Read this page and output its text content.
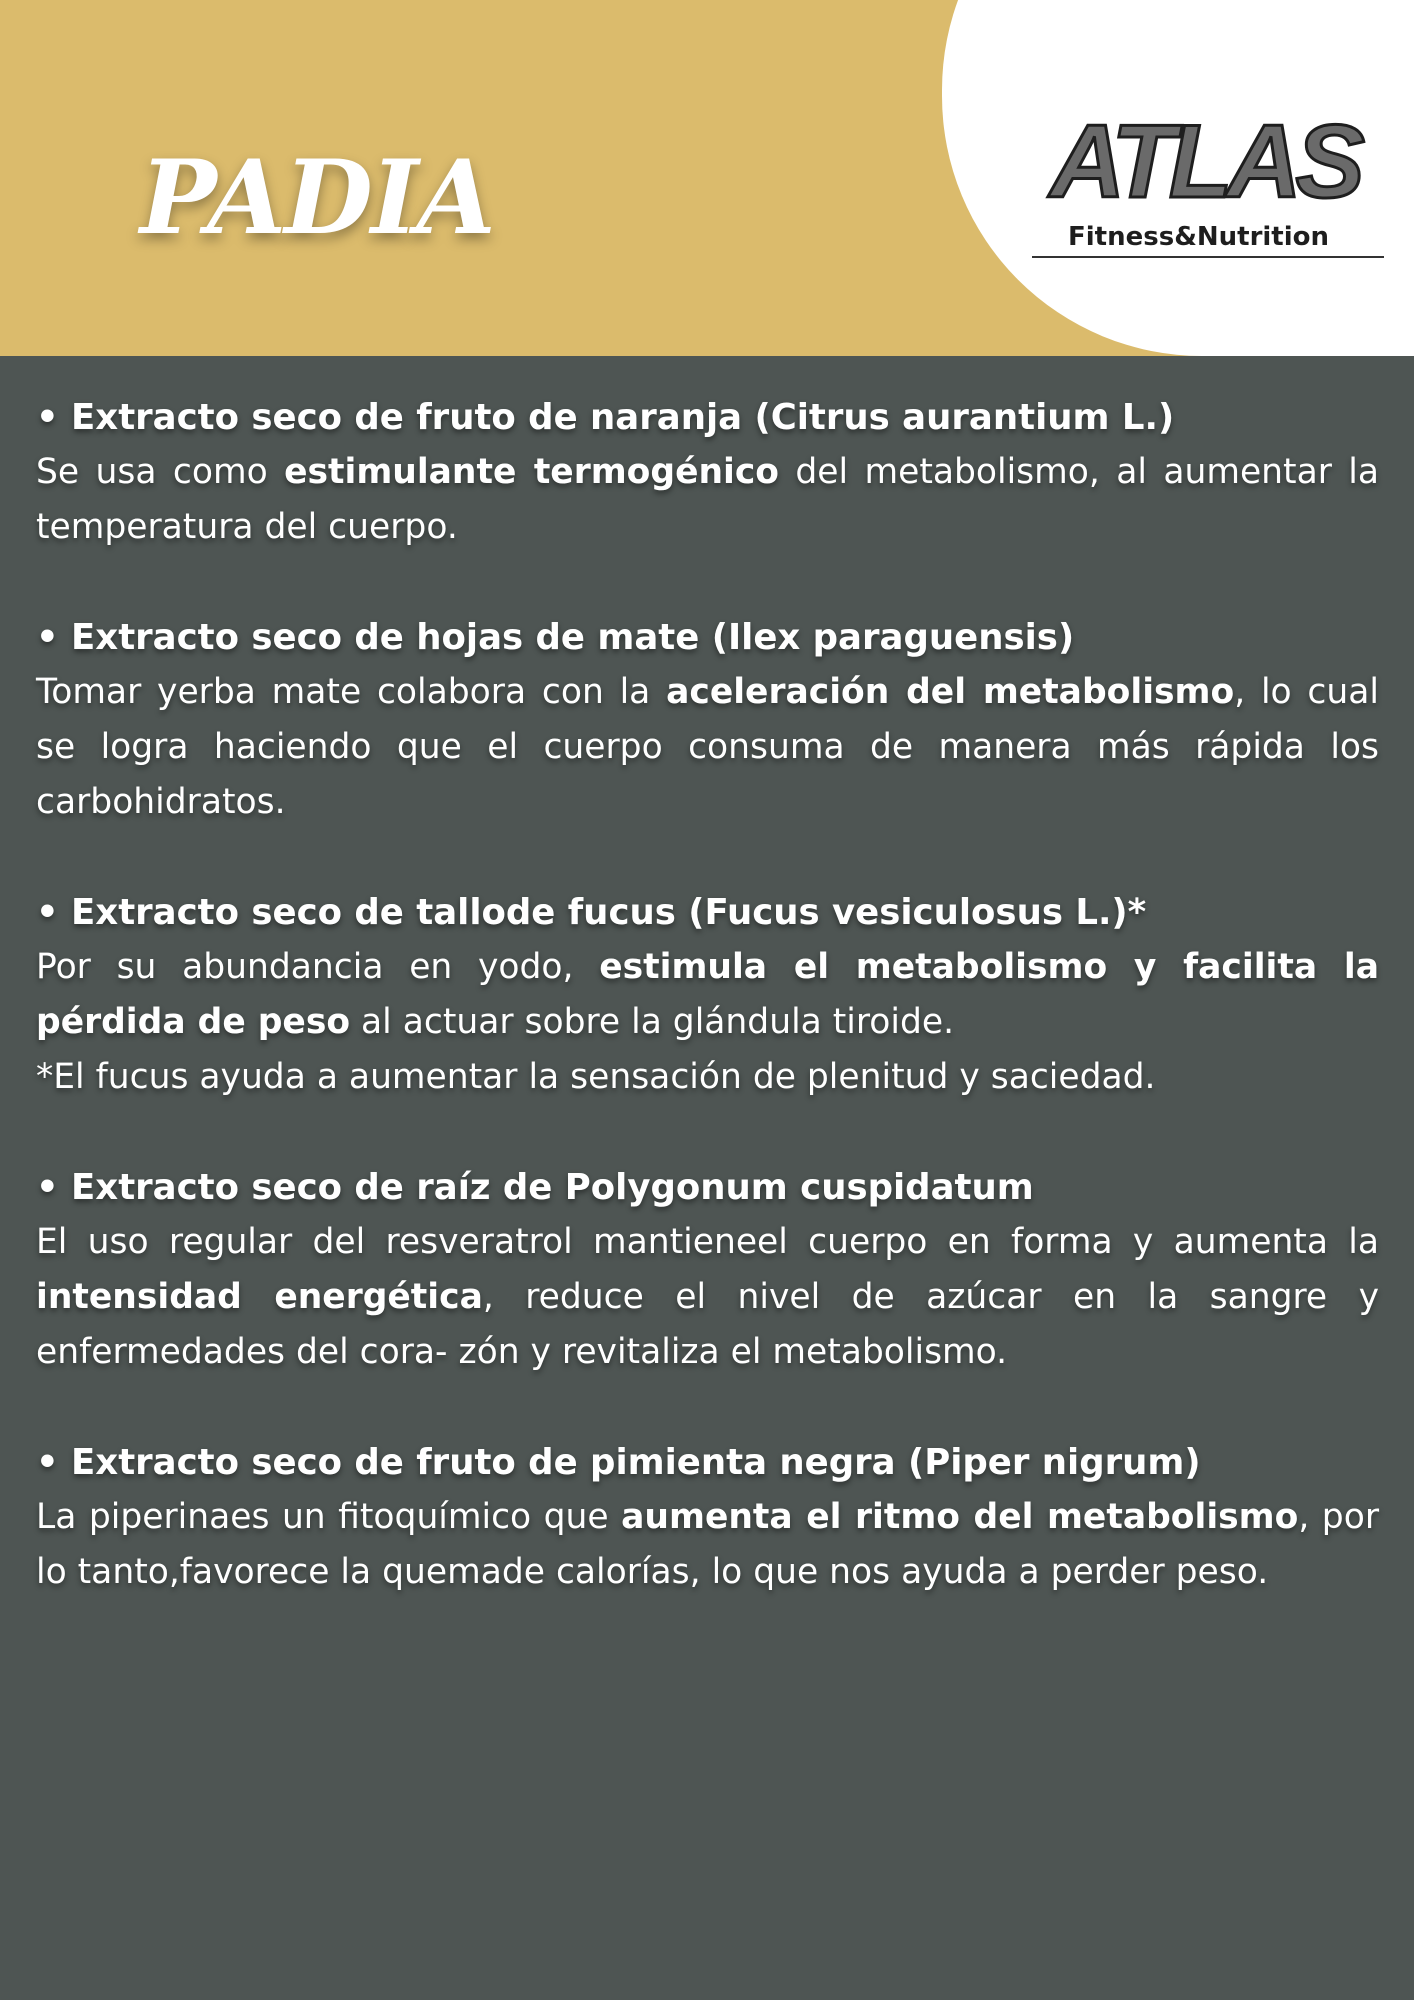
PADIA	ATLAS
Fitness&Nutrition
• Extracto seco de fruto de naranja (Citrus aurantium L.)
Se usa como estimulante termogénico del metabolismo, al aumentar la temperatura del cuerpo.
• Extracto seco de hojas de mate (Ilex paraguensis)
Tomar yerba mate colabora con la aceleración del metabolismo, lo cual se logra haciendo que el cuerpo consuma de manera más rápida los carbohidratos.
• Extracto seco de tallode fucus (Fucus vesiculosus L.)*
Por su abundancia en yodo, estimula el metabolismo y facilita la pérdida de peso al actuar sobre la glándula tiroide.
*El fucus ayuda a aumentar la sensación de plenitud y saciedad.
• Extracto seco de raíz de Polygonum cuspidatum
El uso regular del resveratrol mantieneel cuerpo en forma y aumenta la intensidad energética, reduce el nivel de azúcar en la sangre y enfermedades del cora- zón y revitaliza el metabolismo.
• Extracto seco de fruto de pimienta negra (Piper nigrum)
La piperinaes un fitoquímico que aumenta el ritmo del metabolismo, por lo tanto,favorece la quemade calorías, lo que nos ayuda a perder peso.
